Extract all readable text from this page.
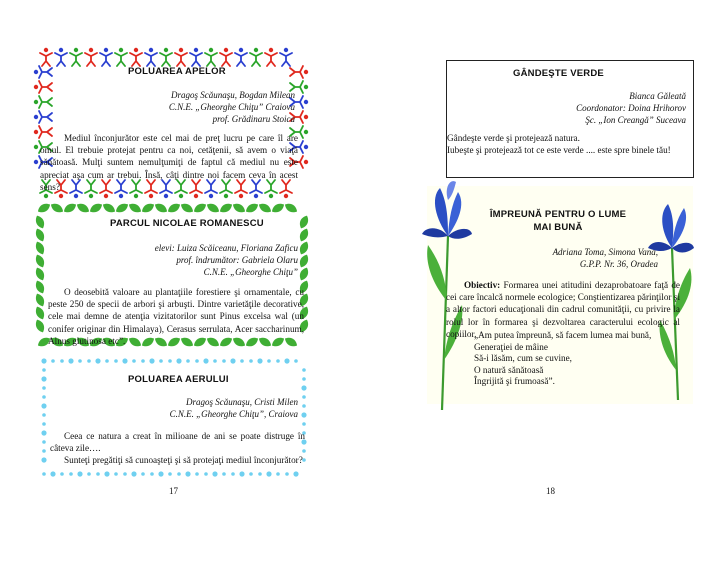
POLUAREA APELOR
Dragoş Scăunaşu, Bogdan Milean
C.N.E. „Gheorghe Chiţu” Craiova
prof. Grădinaru Stoica
Mediul înconjurător este cel mai de preţ lucru pe care îl are omul. El trebuie protejat pentru ca noi, cetăţenii, să avem o viaţă sănătoasă. Mulţi suntem nemulţumiţi de faptul că mediul nu este apreciat aşa cum ar trebui. Însă, câţi dintre noi facem ceva în acest sens?
PARCUL NICOLAE ROMANESCU
elevi: Luiza Scăiceanu, Floriana Zaficu
prof. îndrumător: Gabriela Olaru
C.N.E. „Gheorghe Chiţu”
O deosebită valoare au plantaţiile forestiere şi ornamentale, cu peste 250 de specii de arbori şi arbuşti. Dintre varietăţile decorative, cele mai demne de atenţia vizitatorilor sunt Pinus excelsa wal (un conifer originar din Himalaya), Cerasus serrulata, Acer saccharinum, Alnus glutinosa etc”.
POLUAREA AERULUI
Dragoş Scăunaşu, Cristi Milen
C.N.E. „Gheorghe Chiţu”, Craiova
Ceea ce natura a creat în milioane de ani se poate distruge în câteva zile….
Sunteţi pregătiţi să cunoaşteţi şi să protejaţi mediul înconjurător?
17
GÂNDEŞTE VERDE
Bianca Găleată
Coordonator: Doina Hrihorov
Şc. „Ion Creangă” Suceava
Gândeşte verde şi protejează natura.
Iubeşte şi protejează tot ce este verde .... este spre binele tău!
ÎMPREUNĂ PENTRU O LUME
MAI BUNĂ
Adriana Toma, Simona Vana,
G.P.P. Nr. 36, Oradea
Obiectiv: Formarea unei atitudini dezaprobatoare faţă de cei care încalcă normele ecologice; Conştientizarea părinţilor şi a altor factori educaţionali din cadrul comunităţii, cu privire la rolul lor în formarea şi dezvoltarea caracterului ecologic al copiilor.
„Am putea împreună, să facem lumea mai bună,
Generaţiei de mâine
Să-i lăsăm, cum se cuvine,
O natură sănătoasă
Îngrijită şi frumoasă”.
18
